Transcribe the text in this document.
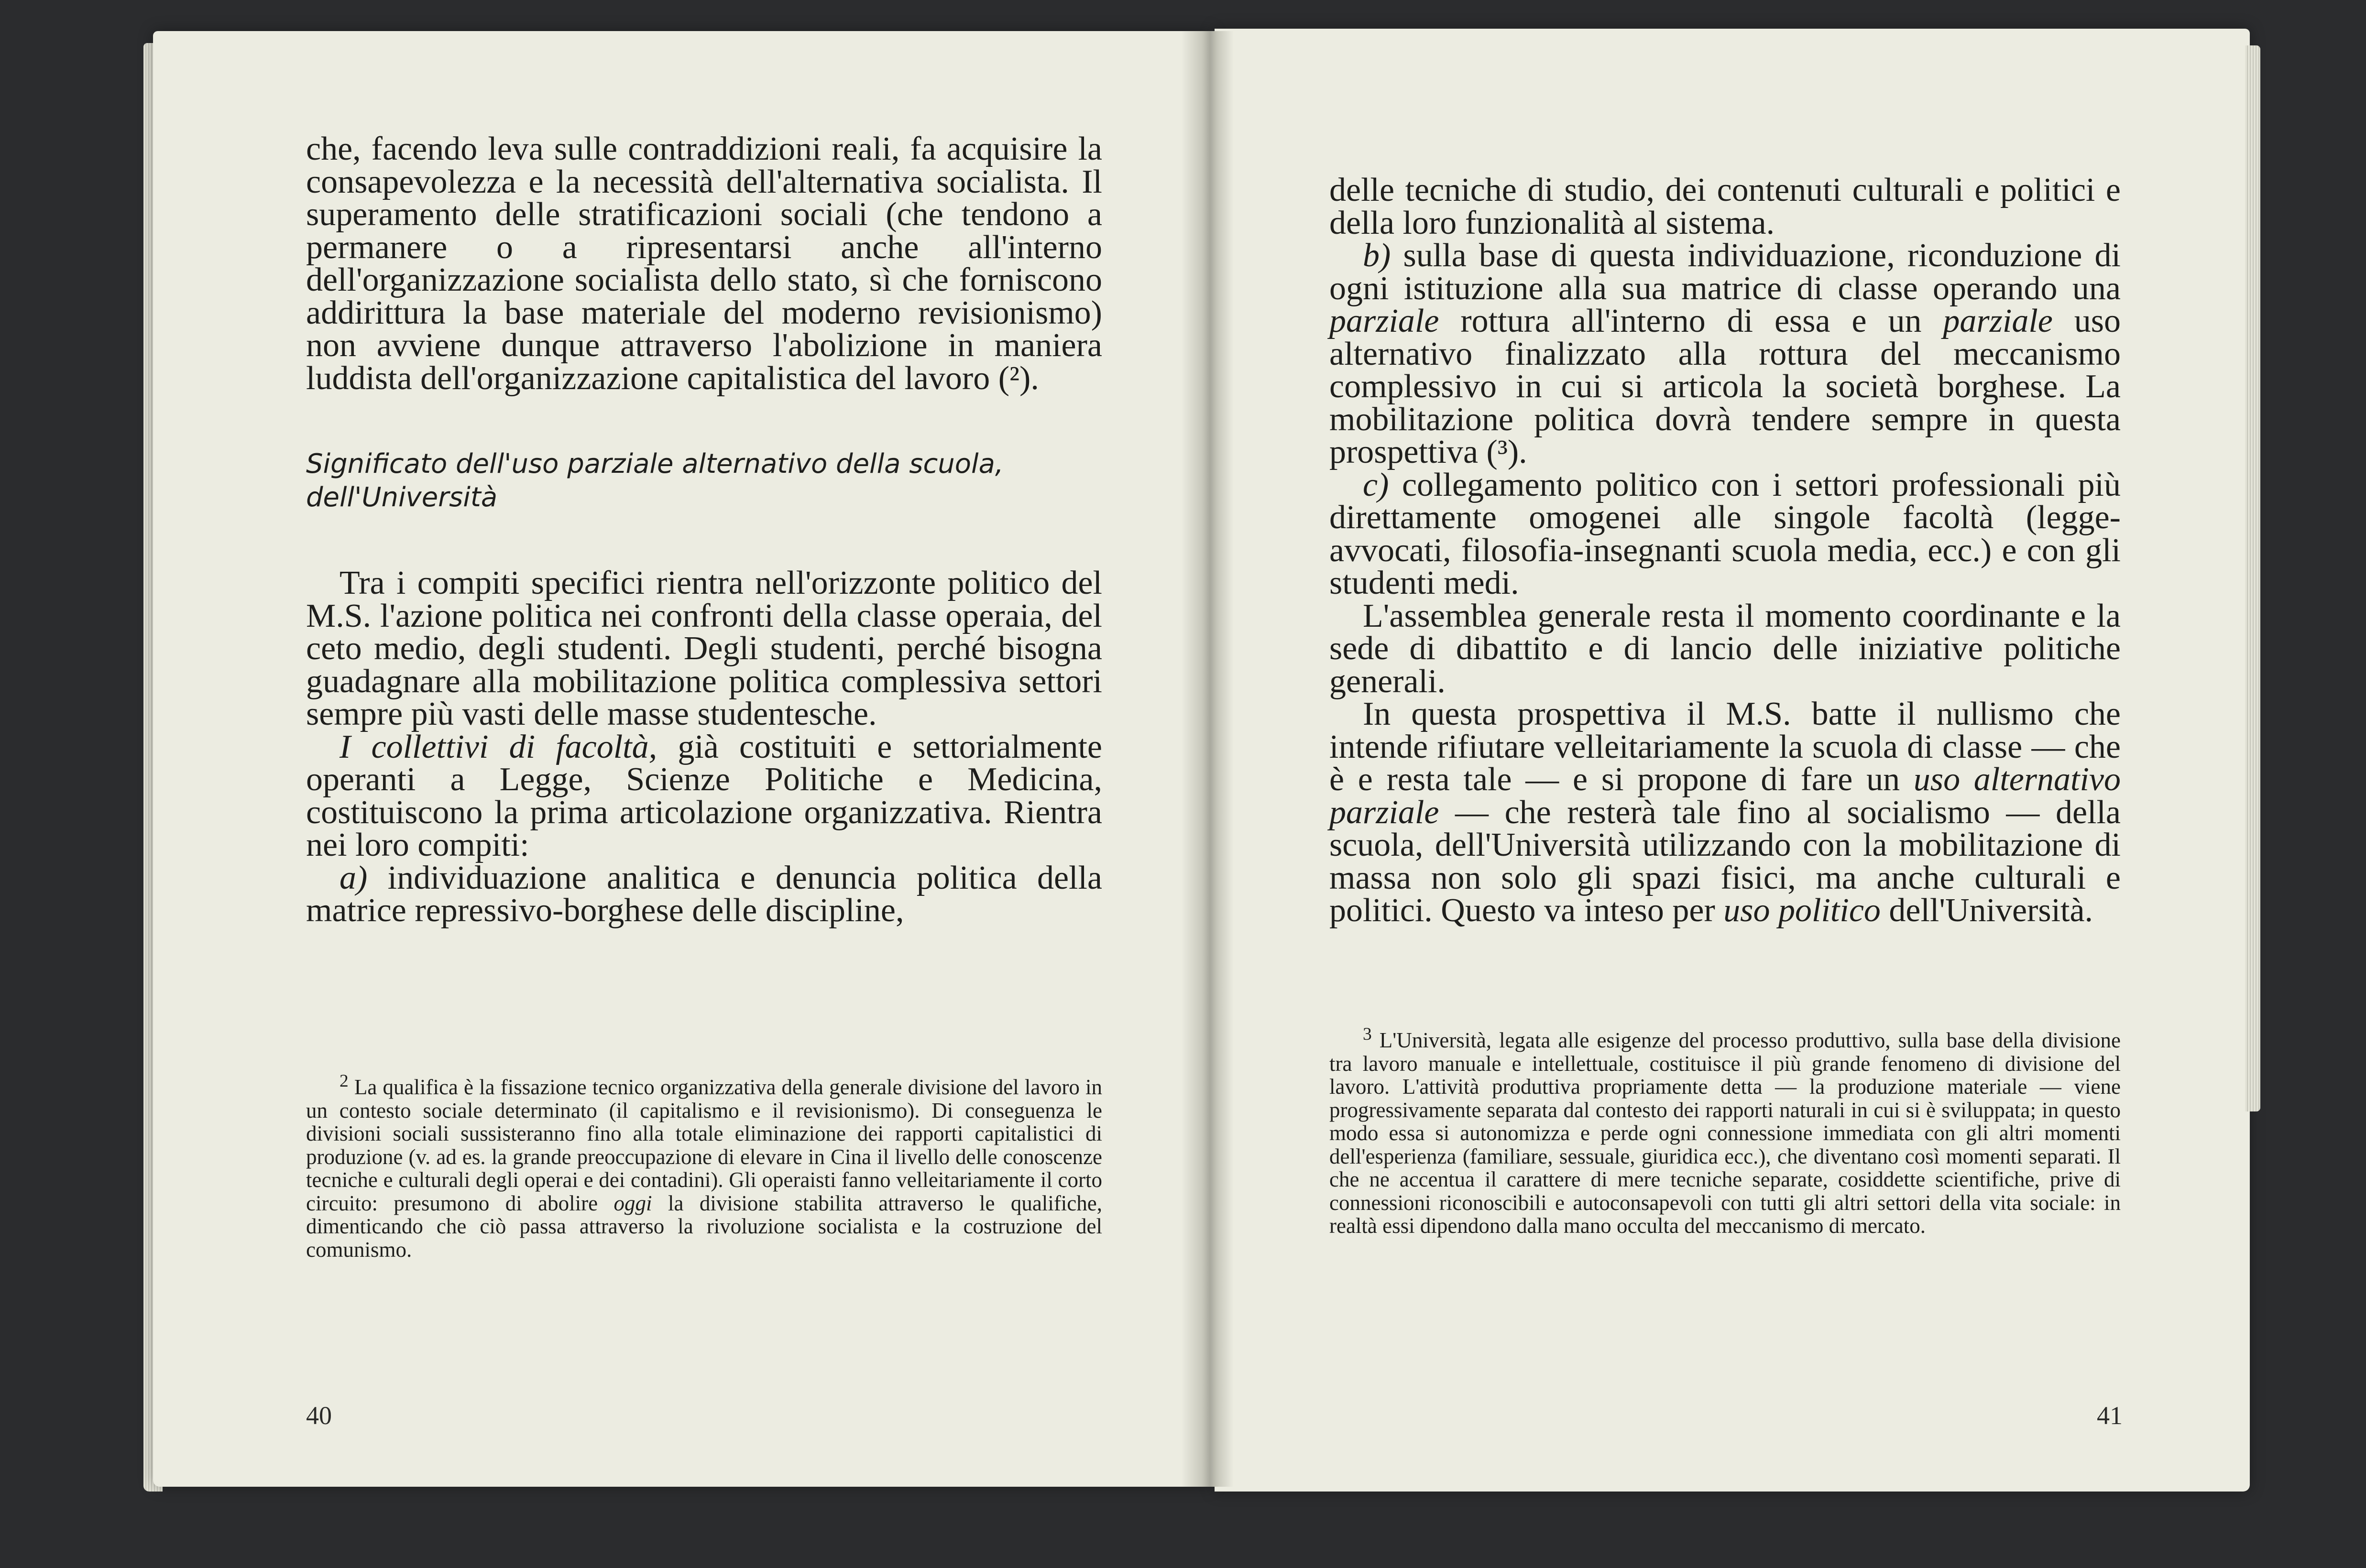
che, facendo leva sulle contraddizioni reali, fa acquisire la consapevolezza e la necessità dell'alternativa socialista. Il superamento delle stratificazioni sociali (che tendono a permanere o a ripresentarsi anche all'interno dell'organizzazione socialista dello stato, sì che forniscono addirittura la base materiale del moderno revisionismo) non avviene dunque attraverso l'abolizione in maniera luddista dell'organizzazione capitalistica del lavoro (²).

Significato dell'uso parziale alternativo della scuola, dell'Università

Tra i compiti specifici rientra nell'orizzonte politico del M.S. l'azione politica nei confronti della classe operaia, del ceto medio, degli studenti. Degli studenti, perché bisogna guadagnare alla mobilitazione politica complessiva settori sempre più vasti delle masse studentesche.

I collettivi di facoltà, già costituiti e settorialmente operanti a Legge, Scienze Politiche e Medicina, costituiscono la prima articolazione organizzativa. Rientra nei loro compiti:

a) individuazione analitica e denuncia politica della matrice repressivo-borghese delle discipline,

$^2$ La qualifica è la fissazione tecnico organizzativa della generale divisione del lavoro in un contesto sociale determinato (il capitalismo e il revisionismo). Di conseguenza le divisioni sociali sussisteranno fino alla totale eliminazione dei rapporti capitalistici di produzione (v. ad es. la grande preoccupazione di elevare in Cina il livello delle conoscenze tecniche e culturali degli operai e dei contadini). Gli operaisti fanno velleitariamente il corto circuito: presumono di abolire oggi la divisione stabilita attraverso le qualifiche, dimenticando che ciò passa attraverso la rivoluzione socialista e la costruzione del comunismo.

40

delle tecniche di studio, dei contenuti culturali e politici e della loro funzionalità al sistema.

b) sulla base di questa individuazione, riconduzione di ogni istituzione alla sua matrice di classe operando una parziale rottura all'interno di essa e un parziale uso alternativo finalizzato alla rottura del meccanismo complessivo in cui si articola la società borghese. La mobilitazione politica dovrà tendere sempre in questa prospettiva (³).

c) collegamento politico con i settori professionali più direttamente omogenei alle singole facoltà (legge-avvocati, filosofia-insegnanti scuola media, ecc.) e con gli studenti medi.

L'assemblea generale resta il momento coordinante e la sede di dibattito e di lancio delle iniziative politiche generali.

In questa prospettiva il M.S. batte il nullismo che intende rifiutare velleitariamente la scuola di classe — che è e resta tale — e si propone di fare un uso alternativo parziale — che resterà tale fino al socialismo — della scuola, dell'Università utilizzando con la mobilitazione di massa non solo gli spazi fisici, ma anche culturali e politici. Questo va inteso per uso politico dell'Università.

$^3$ L'Università, legata alle esigenze del processo produttivo, sulla base della divisione tra lavoro manuale e intellettuale, costituisce il più grande fenomeno di divisione del lavoro. L'attività produttiva propriamente detta — la produzione materiale — viene progressivamente separata dal contesto dei rapporti naturali in cui si è sviluppata; in questo modo essa si autonomizza e perde ogni connessione immediata con gli altri momenti dell'esperienza (familiare, sessuale, giuridica ecc.), che diventano così momenti separati. Il che ne accentua il carattere di mere tecniche separate, cosiddette scientifiche, prive di connessioni riconoscibili e autoconsapevoli con tutti gli altri settori della vita sociale: in realtà essi dipendono dalla mano occulta del meccanismo di mercato.

41
